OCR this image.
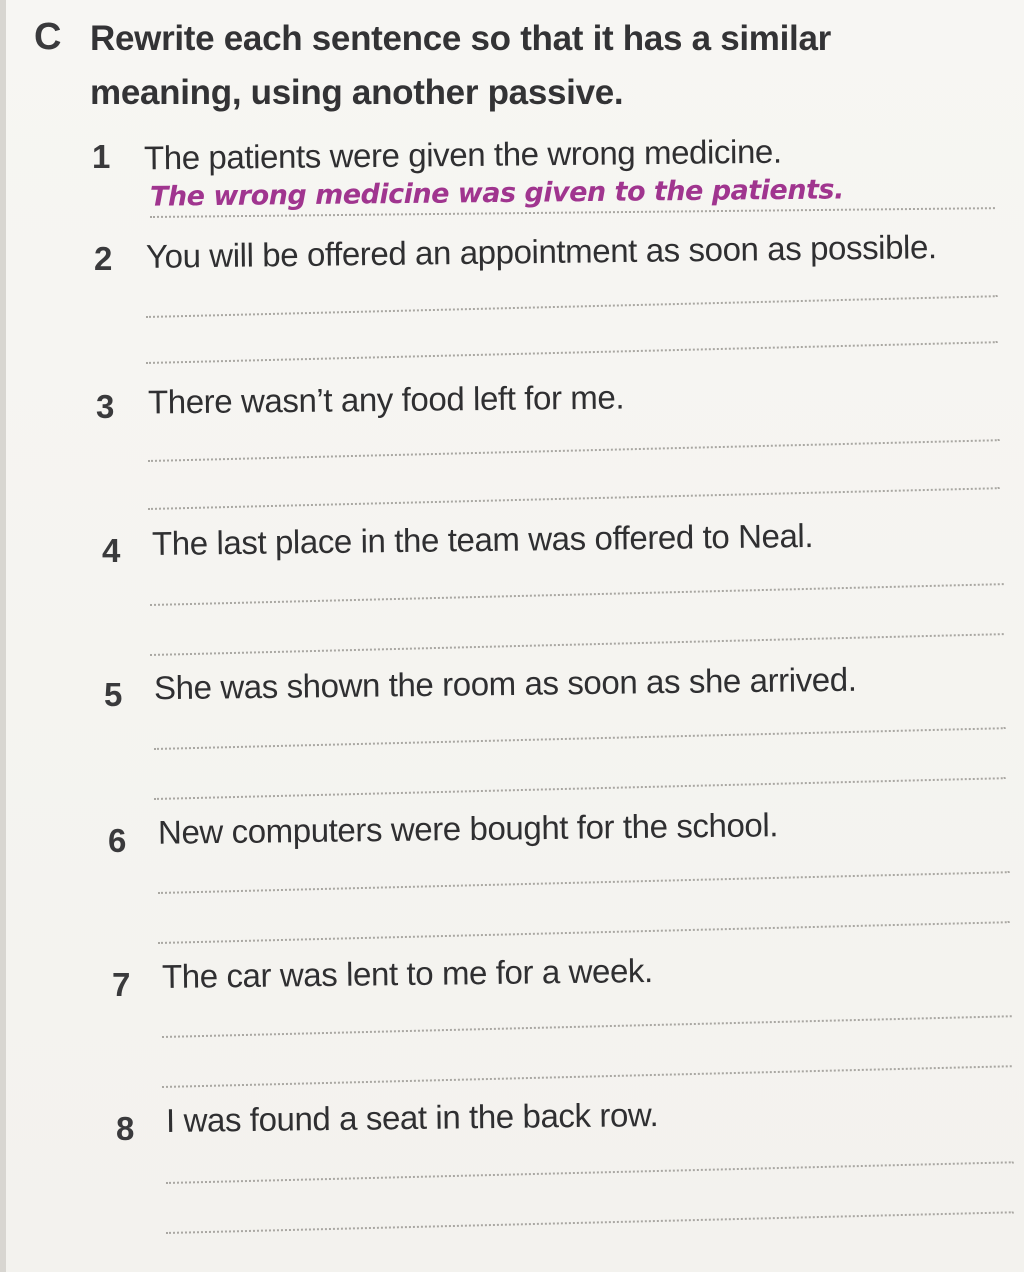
C Rewrite each sentence so that it has a similar meaning, using another passive.
1 The patients were given the wrong medicine.
The wrong medicine was given to the patients.
2 You will be offered an appointment as soon as possible.
3 There wasn’t any food left for me.
4 The last place in the team was offered to Neal.
5 She was shown the room as soon as she arrived.
6 New computers were bought for the school.
7 The car was lent to me for a week.
8 I was found a seat in the back row.
